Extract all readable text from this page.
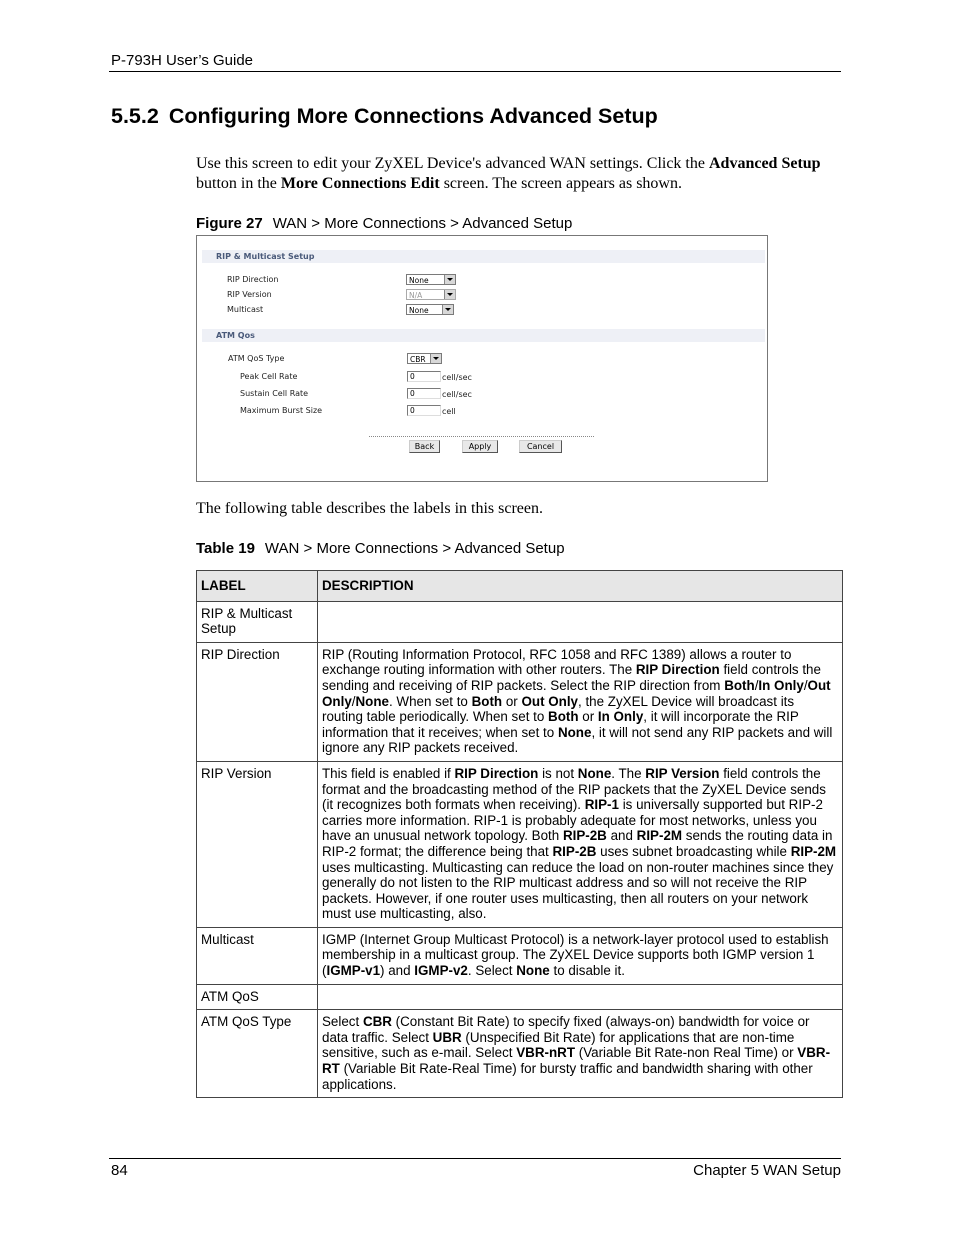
P-793H User’s Guide
5.5.2 Configuring More Connections Advanced Setup
Use this screen to edit your ZyXEL Device's advanced WAN settings. Click the Advanced Setup button in the More Connections Edit screen. The screen appears as shown.
Figure 27 WAN > More Connections > Advanced Setup
RIP & Multicast Setup
RIP Direction	None
RIP Version	N/A
Multicast	None
ATM Qos
ATM QoS Type	CBR
Peak Cell Rate	0	cell/sec
Sustain Cell Rate	0	cell/sec
Maximum Burst Size	0	cell
Back	Apply	Cancel
The following table describes the labels in this screen.
Table 19 WAN > More Connections > Advanced Setup
LABEL	DESCRIPTION
RIP & Multicast Setup	
RIP Direction	RIP (Routing Information Protocol, RFC 1058 and RFC 1389) allows a router to exchange routing information with other routers. The RIP Direction field controls the sending and receiving of RIP packets. Select the RIP direction from Both/In Only/Out Only/None. When set to Both or Out Only, the ZyXEL Device will broadcast its routing table periodically. When set to Both or In Only, it will incorporate the RIP information that it receives; when set to None, it will not send any RIP packets and will ignore any RIP packets received.
RIP Version	This field is enabled if RIP Direction is not None. The RIP Version field controls the format and the broadcasting method of the RIP packets that the ZyXEL Device sends (it recognizes both formats when receiving). RIP-1 is universally supported but RIP-2 carries more information. RIP-1 is probably adequate for most networks, unless you have an unusual network topology. Both RIP-2B and RIP-2M sends the routing data in RIP-2 format; the difference being that RIP-2B uses subnet broadcasting while RIP-2M uses multicasting. Multicasting can reduce the load on non-router machines since they generally do not listen to the RIP multicast address and so will not receive the RIP packets. However, if one router uses multicasting, then all routers on your network must use multicasting, also.
Multicast	IGMP (Internet Group Multicast Protocol) is a network-layer protocol used to establish membership in a multicast group. The ZyXEL Device supports both IGMP version 1 (IGMP-v1) and IGMP-v2. Select None to disable it.
ATM QoS	
ATM QoS Type	Select CBR (Constant Bit Rate) to specify fixed (always-on) bandwidth for voice or data traffic. Select UBR (Unspecified Bit Rate) for applications that are non-time sensitive, such as e-mail. Select VBR-nRT (Variable Bit Rate-non Real Time) or VBR-RT (Variable Bit Rate-Real Time) for bursty traffic and bandwidth sharing with other applications.
84	Chapter 5 WAN Setup
